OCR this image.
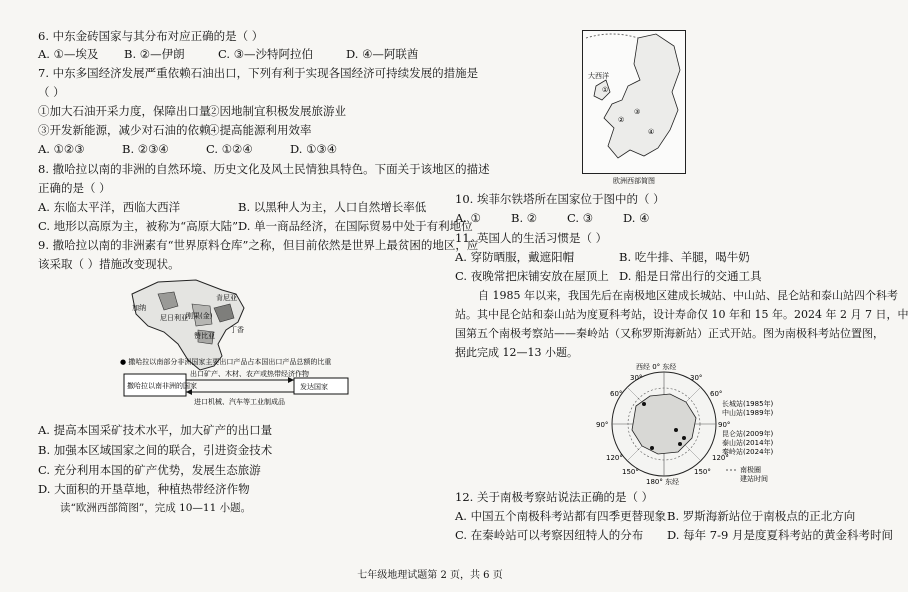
6. 中东金砖国家与其分布对应正确的是（ ）
A. ①—埃及 B. ②—伊朗	C. ③—沙特阿拉伯	D. ④—阿联酋
7. 中东多国经济发展严重依赖石油出口，下列有利于实现各国经济可持续发展的措施是
（ ）
①加大石油开采力度，保障出口量②因地制宜积极发展旅游业
③开发新能源，减少对石油的依赖④提高能源利用效率
A. ①②③	B. ②③④	C. ①②④	D. ①③④
8. 撒哈拉以南的非洲的自然环境、历史文化及风土民情独具特色。下面关于该地区的描述
正确的是（ ）
A. 东临太平洋，西临大西洋	B. 以黑种人为主，人口自然增长率低
C. 地形以高原为主，被称为“高原大陆”D. 单一商品经济，在国际贸易中处于有利地位
9. 撒哈拉以南的非洲素有“世界原料仓库”之称，但目前依然是世界上最贫困的地区，应
该采取（ ）措施改变现状。
加纳
尼日利亚
肯尼亚
赞比亚
刚果(金)
丁香
● 撒哈拉以南部分非洲国家主要出口产品占本国出口产品总额的比重
撒哈拉以南非洲的国家	发达国家
出口矿产、木材、农产或热带经济作物
进口机械、汽车等工业制成品
A. 提高本国采矿技术水平，加大矿产的出口量
B. 加强本区域国家之间的联合，引进资金技术
C. 充分利用本国的矿产优势，发展生态旅游
D. 大面积的开垦草地，种植热带经济作物
读“欧洲西部简图”，完成 10—11 小题。
大西洋
①
②
③
④
欧洲西部简图
10. 埃菲尔铁塔所在国家位于图中的（ ）
A. ①	B. ②	C. ③	D. ④
11. 英国人的生活习惯是（ ）
A. 穿防晒服，戴遮阳帽	B. 吃牛排、羊腿，喝牛奶
C. 夜晚常把床铺安放在屋顶上 D. 船是日常出行的交通工具
自 1985 年以来，我国先后在南极地区建成长城站、中山站、昆仑站和泰山站四个科考
站。其中昆仑站和泰山站为度夏科考站，设计寿命仅 10 年和 15 年。2024 年 2 月 7 日，中
国第五个南极考察站——秦岭站（又称罗斯海新站）正式开站。图为南极科考站位置图，
据此完成 12—13 小题。
西经 0° 东经
90°
90°
30°	30°
60°	60°
120°	120°
150°	150°
180° 东经
长城站(1985年)
中山站(1989年)
昆仑站(2009年)
泰山站(2014年)
秦岭站(2024年)
南极圈
建站时间
12. 关于南极考察站说法正确的是（ ）
A. 中国五个南极科考站都有四季更替现象B. 罗斯海新站位于南极点的正北方向
C. 在秦岭站可以考察因纽特人的分布 D. 每年 7-9 月是度夏科考站的黄金科考时间
七年级地理试题第 2 页，共 6 页
